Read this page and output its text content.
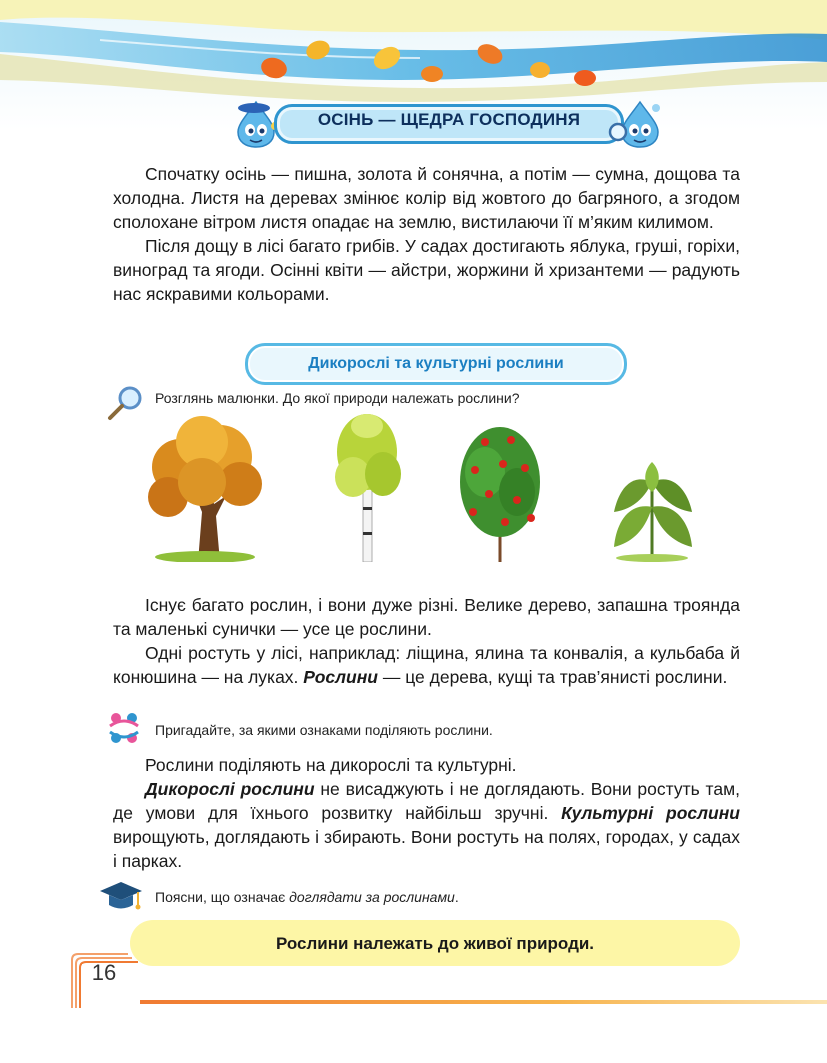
ОСІНЬ — ЩЕДРА ГОСПОДИНЯ

Спочатку осінь — пишна, золота й сонячна, а потім — сумна, дощова та холодна. Листя на деревах змінює колір від жовтого до багряного, а згодом сполохане вітром листя опадає на землю, вистилаючи її м’яким килимом.

Після дощу в лісі багато грибів. У садах достигають яблука, груші, горіхи, виноград та ягоди. Осінні квіти — айстри, жоржини й хризантеми — радують нас яскравими кольорами.

Дикорослі та культурні рослини
Розглянь малюнки. До якої природи належать рослини?

Існує багато рослин, і вони дуже різні. Велике дерево, запашна троянда та маленькі сунички — усе це рослини.

Одні ростуть у лісі, наприклад: ліщина, ялина та конвалія, а кульбаба й конюшина — на луках. Рослини — це дерева, кущі та трав’янисті рослини.

Пригадайте, за якими ознаками поділяють рослини.

Рослини поділяють на дикорослі та культурні.

Дикорослі рослини не висаджують і не доглядають. Вони ростуть там, де умови для їхнього розвитку найбільш зручні. Культурні рослини вирощують, доглядають і збирають. Вони ростуть на полях, городах, у садах і парках.

Поясни, що означає доглядати за рослинами.
Рослини належать до живої природи.
16
